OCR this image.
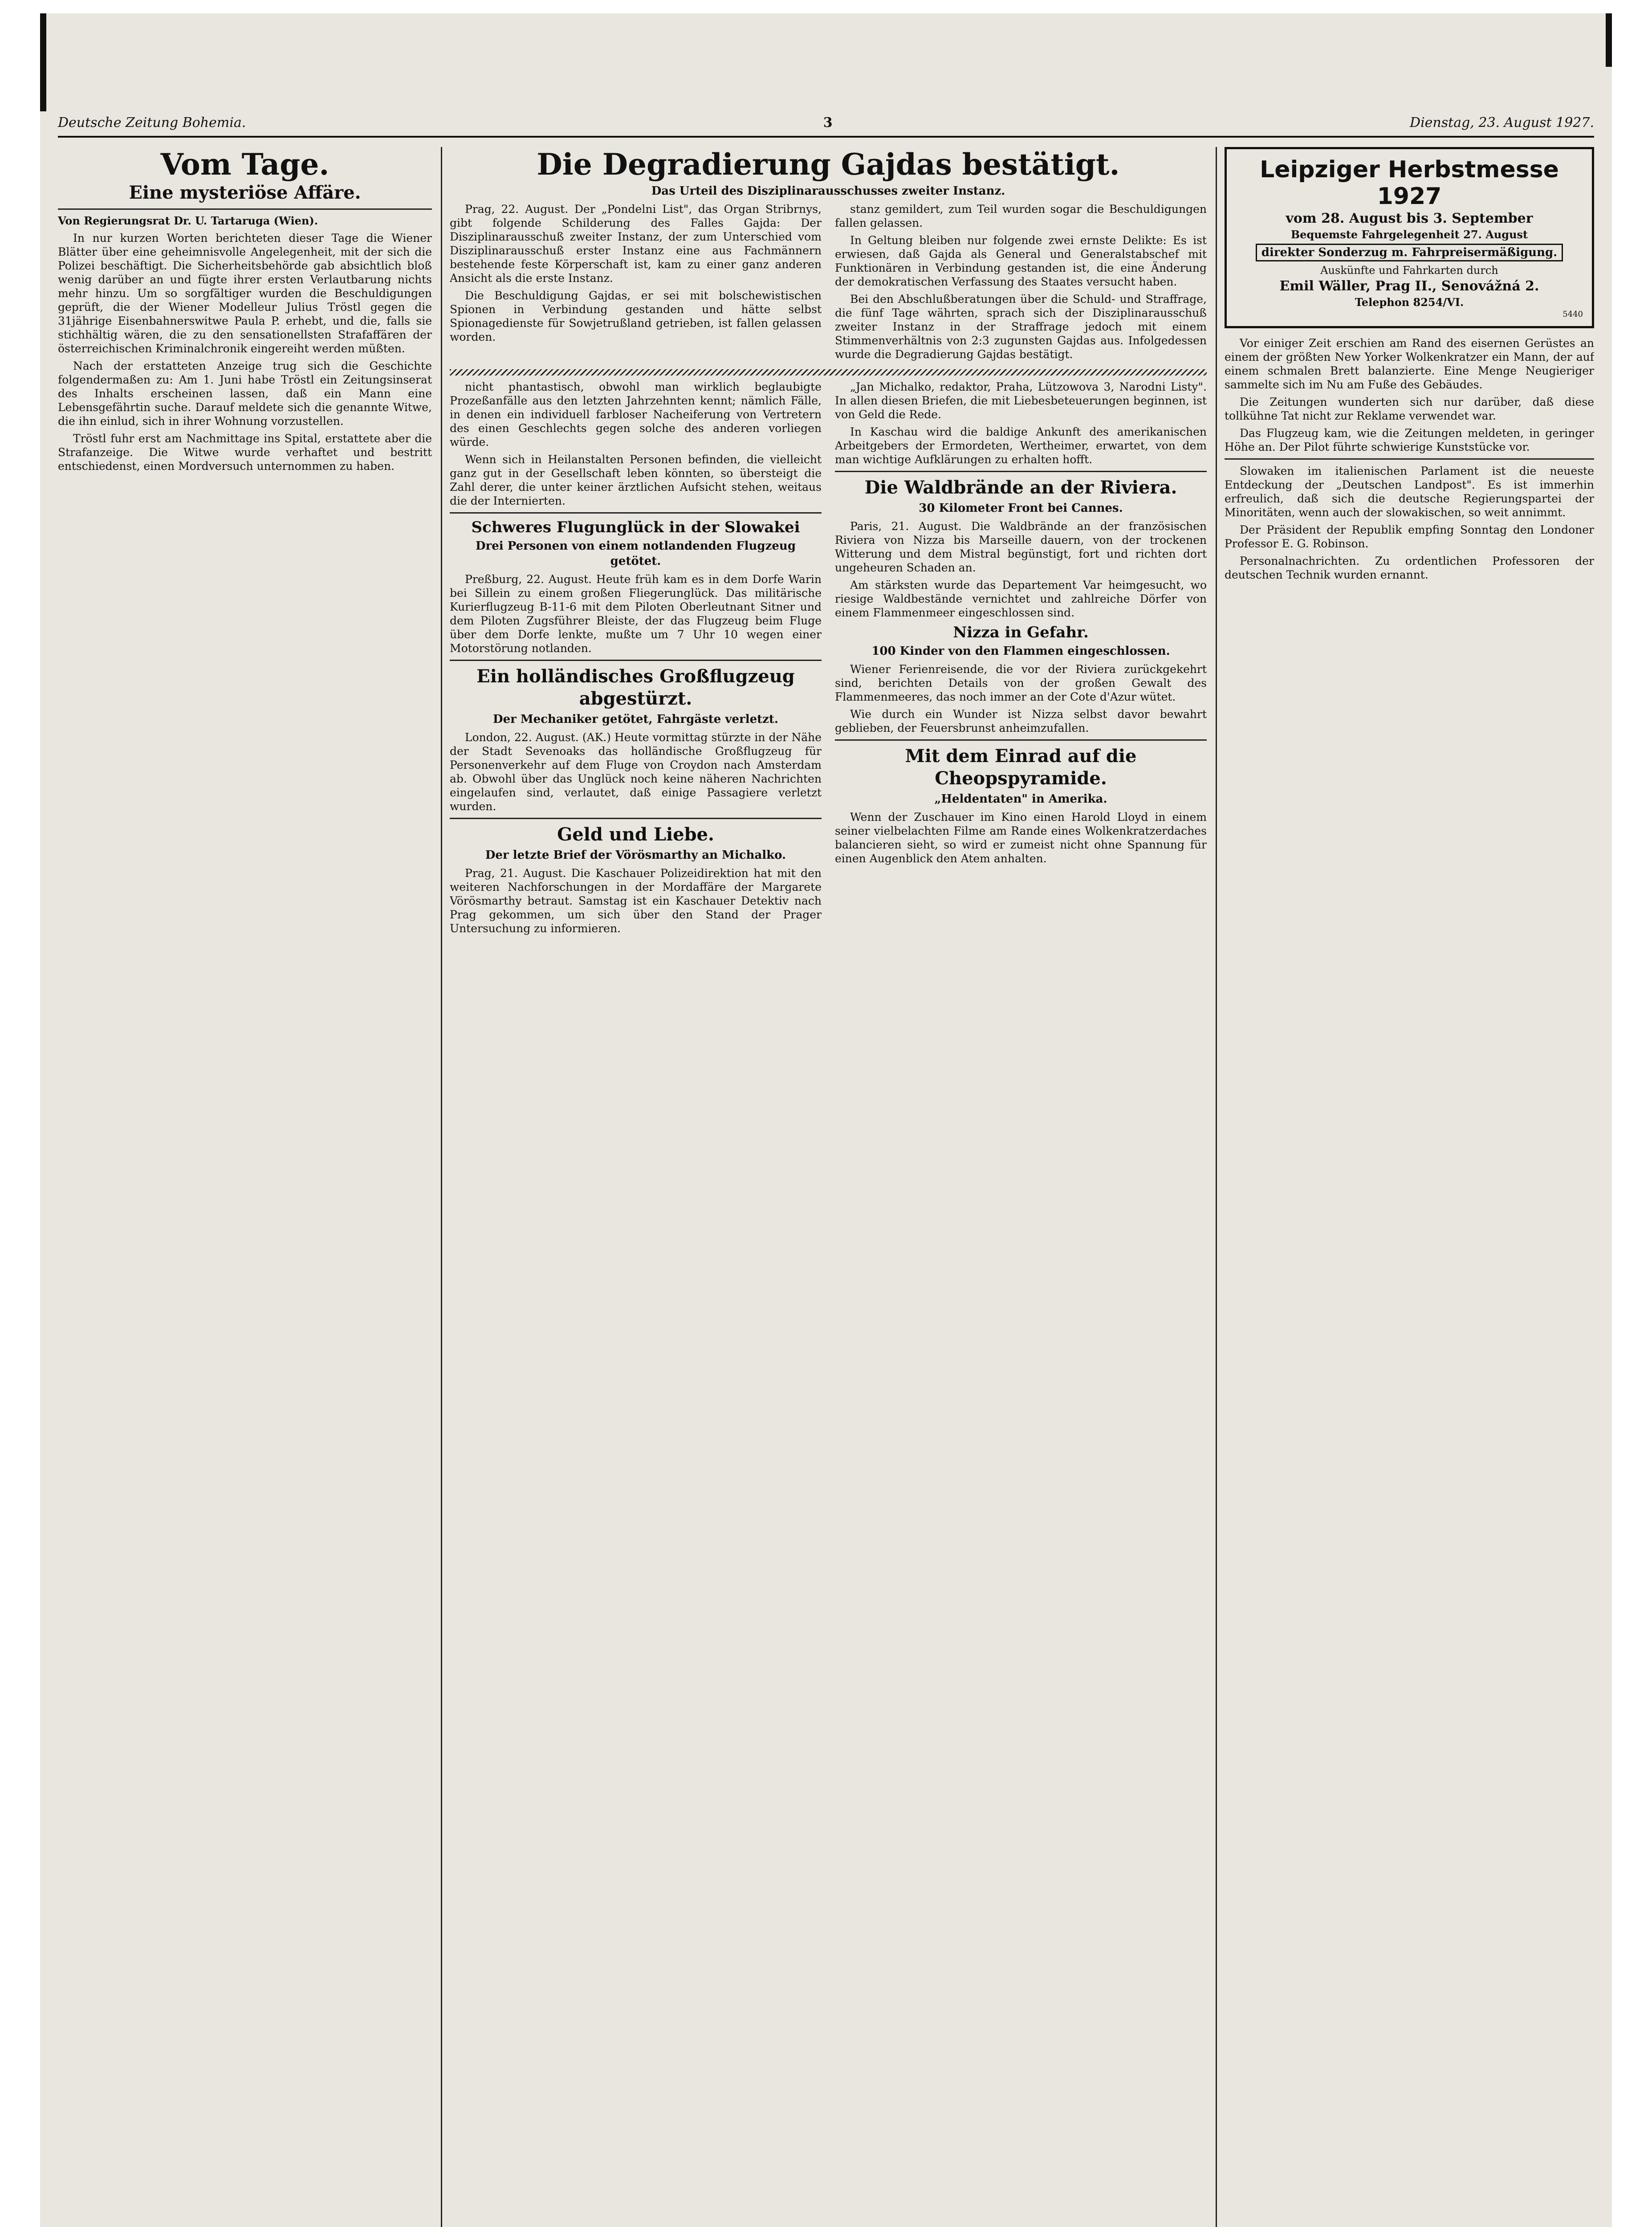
Deutsche Zeitung Bohemia.	3	Dienstag, 23. August 1927.
Vom Tage.
Eine mysteriöse Affäre.
Von Regierungsrat Dr. U. Tartaruga (Wien).

In nur kurzen Worten berichteten dieser Tage die Wiener Blätter über eine geheimnisvolle Angelegenheit, mit der sich die Polizei beschäftigt. Die Sicherheitsbehörde gab absichtlich bloß wenig darüber an und fügte ihrer ersten Verlautbarung nichts mehr hinzu. Um so sorgfältiger wurden die Beschuldigungen geprüft, die der Wiener Modelleur Julius Tröstl gegen die 31jährige Eisenbahnerswitwe Paula P. erhebt, und die, falls sie stichhältig wären, die zu den sensationellsten Strafaffären der österreichischen Kriminalchronik eingereiht werden müßten.

Nach der erstatteten Anzeige trug sich die Geschichte folgendermaßen zu: Am 1. Juni habe Tröstl ein Zeitungsinserat des Inhalts erscheinen lassen, daß ein Mann eine Lebensgefährtin suche. Darauf meldete sich die genannte Witwe, die ihn einlud, sich in ihrer Wohnung vorzustellen.

Tröstl fuhr erst am Nachmittage ins Spital, erstattete aber die Strafanzeige. Die Witwe wurde verhaftet und bestritt entschiedenst, einen Mordversuch unternommen zu haben.

Die Degradierung Gajdas bestätigt.
Das Urteil des Disziplinarausschusses zweiter Instanz.

Prag, 22. August. Der „Pondelni List", das Organ Stribrnys, gibt folgende Schilderung des Falles Gajda: Der Disziplinarausschuß zweiter Instanz, der zum Unterschied vom Disziplinarausschuß erster Instanz eine aus Fachmännern bestehende feste Körperschaft ist, kam zu einer ganz anderen Ansicht als die erste Instanz.

Die Beschuldigung Gajdas, er sei mit bolschewistischen Spionen in Verbindung gestanden und hätte selbst Spionagedienste für Sowjetrußland getrieben, ist fallen gelassen worden.

stanz gemildert, zum Teil wurden sogar die Beschuldigungen fallen gelassen.

In Geltung bleiben nur folgende zwei ernste Delikte: Es ist erwiesen, daß Gajda als General und Generalstabschef mit Funktionären in Verbindung gestanden ist, die eine Änderung der demokratischen Verfassung des Staates versucht haben.

Bei den Abschlußberatungen über die Schuld- und Straffrage, die fünf Tage währten, sprach sich der Disziplinarausschuß zweiter Instanz in der Straffrage jedoch mit einem Stimmenverhältnis von 2:3 zugunsten Gajdas aus. Infolgedessen wurde die Degradierung Gajdas bestätigt.

nicht phantastisch, obwohl man wirklich beglaubigte Prozeßanfälle aus den letzten Jahrzehnten kennt; nämlich Fälle, in denen ein individuell farbloser Nacheiferung von Vertretern des einen Geschlechts gegen solche des anderen vorliegen würde.

Wenn sich in Heilanstalten Personen befinden, die vielleicht ganz gut in der Gesellschaft leben könnten, so übersteigt die Zahl derer, die unter keiner ärztlichen Aufsicht stehen, weitaus die der Internierten.

Schweres Flugunglück in der Slowakei
Drei Personen von einem notlandenden Flugzeug getötet.

Preßburg, 22. August. Heute früh kam es in dem Dorfe Warin bei Sillein zu einem großen Fliegerunglück. Das militärische Kurierflugzeug B-11-6 mit dem Piloten Oberleutnant Sitner und dem Piloten Zugsführer Bleiste, der das Flugzeug beim Fluge über dem Dorfe lenkte, mußte um 7 Uhr 10 wegen einer Motorstörung notlanden.

Ein holländisches Großflugzeug abgestürzt.
Der Mechaniker getötet, Fahrgäste verletzt.

London, 22. August. (AK.) Heute vormittag stürzte in der Nähe der Stadt Sevenoaks das holländische Großflugzeug für Personenverkehr auf dem Fluge von Croydon nach Amsterdam ab. Obwohl über das Unglück noch keine näheren Nachrichten eingelaufen sind, verlautet, daß einige Passagiere verletzt wurden.

Geld und Liebe.
Der letzte Brief der Vörösmarthy an Michalko.

Prag, 21. August. Die Kaschauer Polizeidirektion hat mit den weiteren Nachforschungen in der Mordaffäre der Margarete Vörösmarthy betraut. Samstag ist ein Kaschauer Detektiv nach Prag gekommen, um sich über den Stand der Prager Untersuchung zu informieren.

„Jan Michalko, redaktor, Praha, Lützowova 3, Narodni Listy". In allen diesen Briefen, die mit Liebesbeteuerungen beginnen, ist von Geld die Rede.

In Kaschau wird die baldige Ankunft des amerikanischen Arbeitgebers der Ermordeten, Wertheimer, erwartet, von dem man wichtige Aufklärungen zu erhalten hofft.

Die Waldbrände an der Riviera.
30 Kilometer Front bei Cannes.

Paris, 21. August. Die Waldbrände an der französischen Riviera von Nizza bis Marseille dauern, von der trockenen Witterung und dem Mistral begünstigt, fort und richten dort ungeheuren Schaden an.

Am stärksten wurde das Departement Var heimgesucht, wo riesige Waldbestände vernichtet und zahlreiche Dörfer von einem Flammenmeer eingeschlossen sind.

Nizza in Gefahr.
100 Kinder von den Flammen eingeschlossen.

Wiener Ferienreisende, die vor der Riviera zurückgekehrt sind, berichten Details von der großen Gewalt des Flammenmeeres, das noch immer an der Cote d'Azur wütet.

Wie durch ein Wunder ist Nizza selbst davor bewahrt geblieben, der Feuersbrunst anheimzufallen.

Mit dem Einrad auf die Cheopspyramide.
„Heldentaten" in Amerika.

Wenn der Zuschauer im Kino einen Harold Lloyd in einem seiner vielbelachten Filme am Rande eines Wolkenkratzerdaches balancieren sieht, so wird er zumeist nicht ohne Spannung für einen Augenblick den Atem anhalten.

Leipziger Herbstmesse 1927
vom 28. August bis 3. September
Bequemste Fahrgelegenheit 27. August
direkter Sonderzug m. Fahrpreisermäßigung.
Auskünfte und Fahrkarten durch
Emil Wäller, Prag II., Senovážná 2.
Telephon 8254/VI.
5440

Vor einiger Zeit erschien am Rand des eisernen Gerüstes an einem der größten New Yorker Wolkenkratzer ein Mann, der auf einem schmalen Brett balanzierte. Eine Menge Neugieriger sammelte sich im Nu am Fuße des Gebäudes.

Die Zeitungen wunderten sich nur darüber, daß diese tollkühne Tat nicht zur Reklame verwendet war.

Das Flugzeug kam, wie die Zeitungen meldeten, in geringer Höhe an. Der Pilot führte schwierige Kunststücke vor.

Slowaken im italienischen Parlament ist die neueste Entdeckung der „Deutschen Landpost". Es ist immerhin erfreulich, daß sich die deutsche Regierungspartei der Minoritäten, wenn auch der slowakischen, so weit annimmt.

Der Präsident der Republik empfing Sonntag den Londoner Professor E. G. Robinson.

Personalnachrichten. Zu ordentlichen Professoren der deutschen Technik wurden ernannt.
